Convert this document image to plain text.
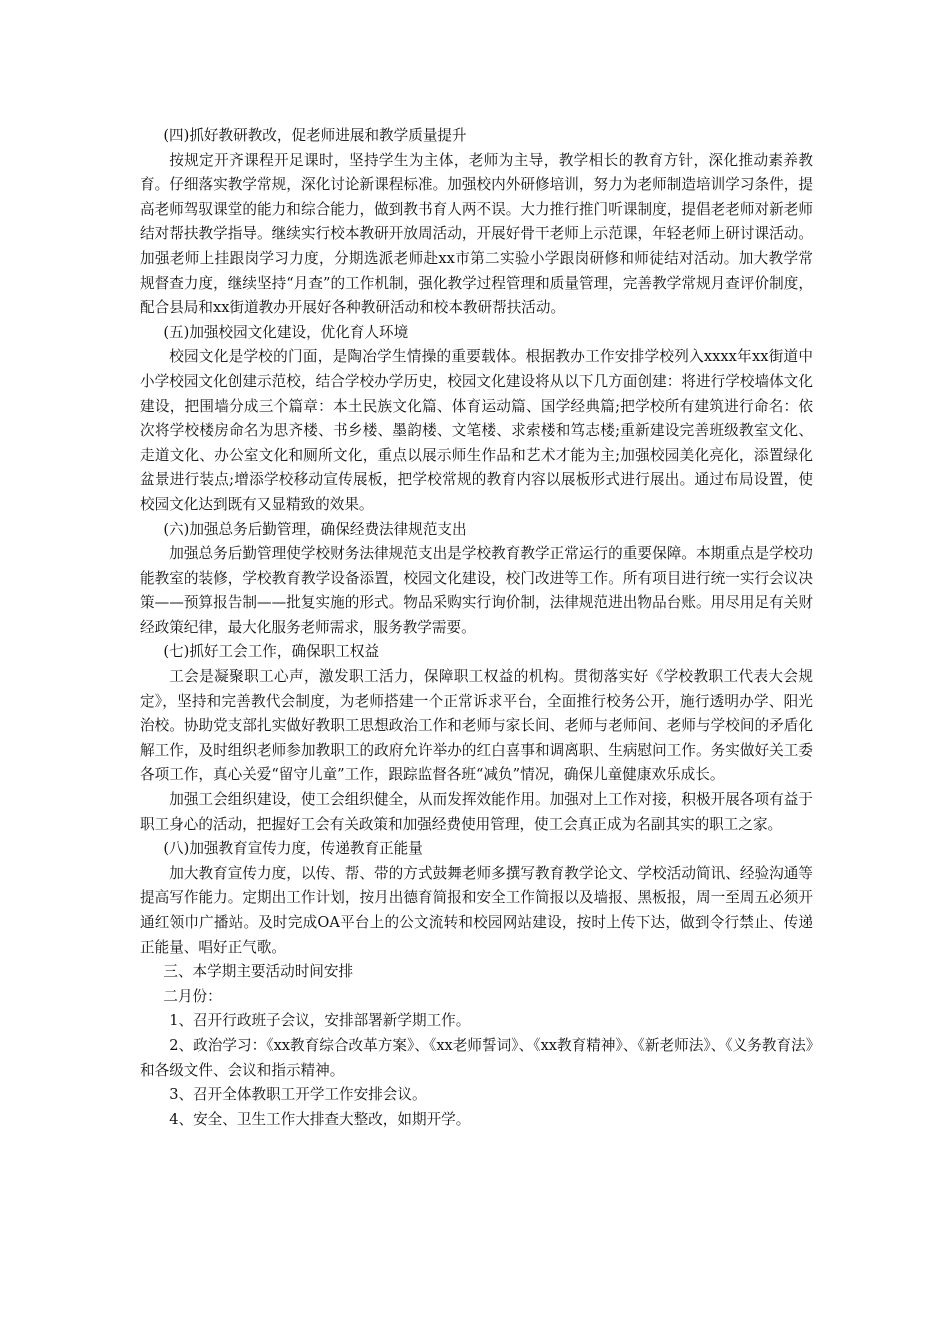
(四)抓好教研教改，促老师进展和教学质量提升

按规定开齐课程开足课时，坚持学生为主体，老师为主导，教学相长的教育方针，深化推动素养教育。仔细落实教学常规，深化讨论新课程标准。加强校内外研修培训，努力为老师制造培训学习条件，提高老师驾驭课堂的能力和综合能力，做到教书育人两不误。大力推行推门听课制度，提倡老老师对新老师结对帮扶教学指导。继续实行校本教研开放周活动，开展好骨干老师上示范课，年轻老师上研讨课活动。加强老师上挂跟岗学习力度，分期选派老师赴xx市第二实验小学跟岗研修和师徒结对活动。加大教学常规督查力度，继续坚持“月查”的工作机制，强化教学过程管理和质量管理，完善教学常规月查评价制度，配合县局和xx街道教办开展好各种教研活动和校本教研帮扶活动。

(五)加强校园文化建设，优化育人环境

校园文化是学校的门面，是陶冶学生情操的重要载体。根据教办工作安排学校列入xxxx年xx街道中小学校园文化创建示范校，结合学校办学历史，校园文化建设将从以下几方面创建：将进行学校墙体文化建设，把围墙分成三个篇章：本土民族文化篇、体育运动篇、国学经典篇;把学校所有建筑进行命名：依次将学校楼房命名为思齐楼、书乡楼、墨韵楼、文笔楼、求索楼和笃志楼;重新建设完善班级教室文化、走道文化、办公室文化和厕所文化，重点以展示师生作品和艺术才能为主;加强校园美化亮化，添置绿化盆景进行装点;增添学校移动宣传展板，把学校常规的教育内容以展板形式进行展出。通过布局设置，使校园文化达到既有又显精致的效果。

(六)加强总务后勤管理，确保经费法律规范支出

加强总务后勤管理使学校财务法律规范支出是学校教育教学正常运行的重要保障。本期重点是学校功能教室的装修，学校教育教学设备添置，校园文化建设，校门改进等工作。所有项目进行统一实行会议决策——预算报告制——批复实施的形式。物品采购实行询价制，法律规范进出物品台账。用尽用足有关财经政策纪律，最大化服务老师需求，服务教学需要。

(七)抓好工会工作，确保职工权益

工会是凝聚职工心声，激发职工活力，保障职工权益的机构。贯彻落实好《学校教职工代表大会规定》，坚持和完善教代会制度，为老师搭建一个正常诉求平台，全面推行校务公开，施行透明办学、阳光治校。协助党支部扎实做好教职工思想政治工作和老师与家长间、老师与老师间、老师与学校间的矛盾化解工作，及时组织老师参加教职工的政府允许举办的红白喜事和调离职、生病慰问工作。务实做好关工委各项工作，真心关爱“留守儿童”工作，跟踪监督各班“减负”情况，确保儿童健康欢乐成长。

加强工会组织建设，使工会组织健全，从而发挥效能作用。加强对上工作对接，积极开展各项有益于职工身心的活动，把握好工会有关政策和加强经费使用管理，使工会真正成为名副其实的职工之家。

(八)加强教育宣传力度，传递教育正能量

加大教育宣传力度，以传、帮、带的方式鼓舞老师多撰写教育教学论文、学校活动简讯、经验沟通等提高写作能力。定期出工作计划，按月出德育简报和安全工作简报以及墙报、黑板报，周一至周五必须开通红领巾广播站。及时完成OA平台上的公文流转和校园网站建设，按时上传下达，做到令行禁止、传递正能量、唱好正气歌。

三、本学期主要活动时间安排

二月份：

1、召开行政班子会议，安排部署新学期工作。

2、政治学习：《xx教育综合改革方案》、《xx老师誓词》、《xx教育精神》、《新老师法》、《义务教育法》和各级文件、会议和指示精神。

3、召开全体教职工开学工作安排会议。

4、安全、卫生工作大排查大整改，如期开学。
